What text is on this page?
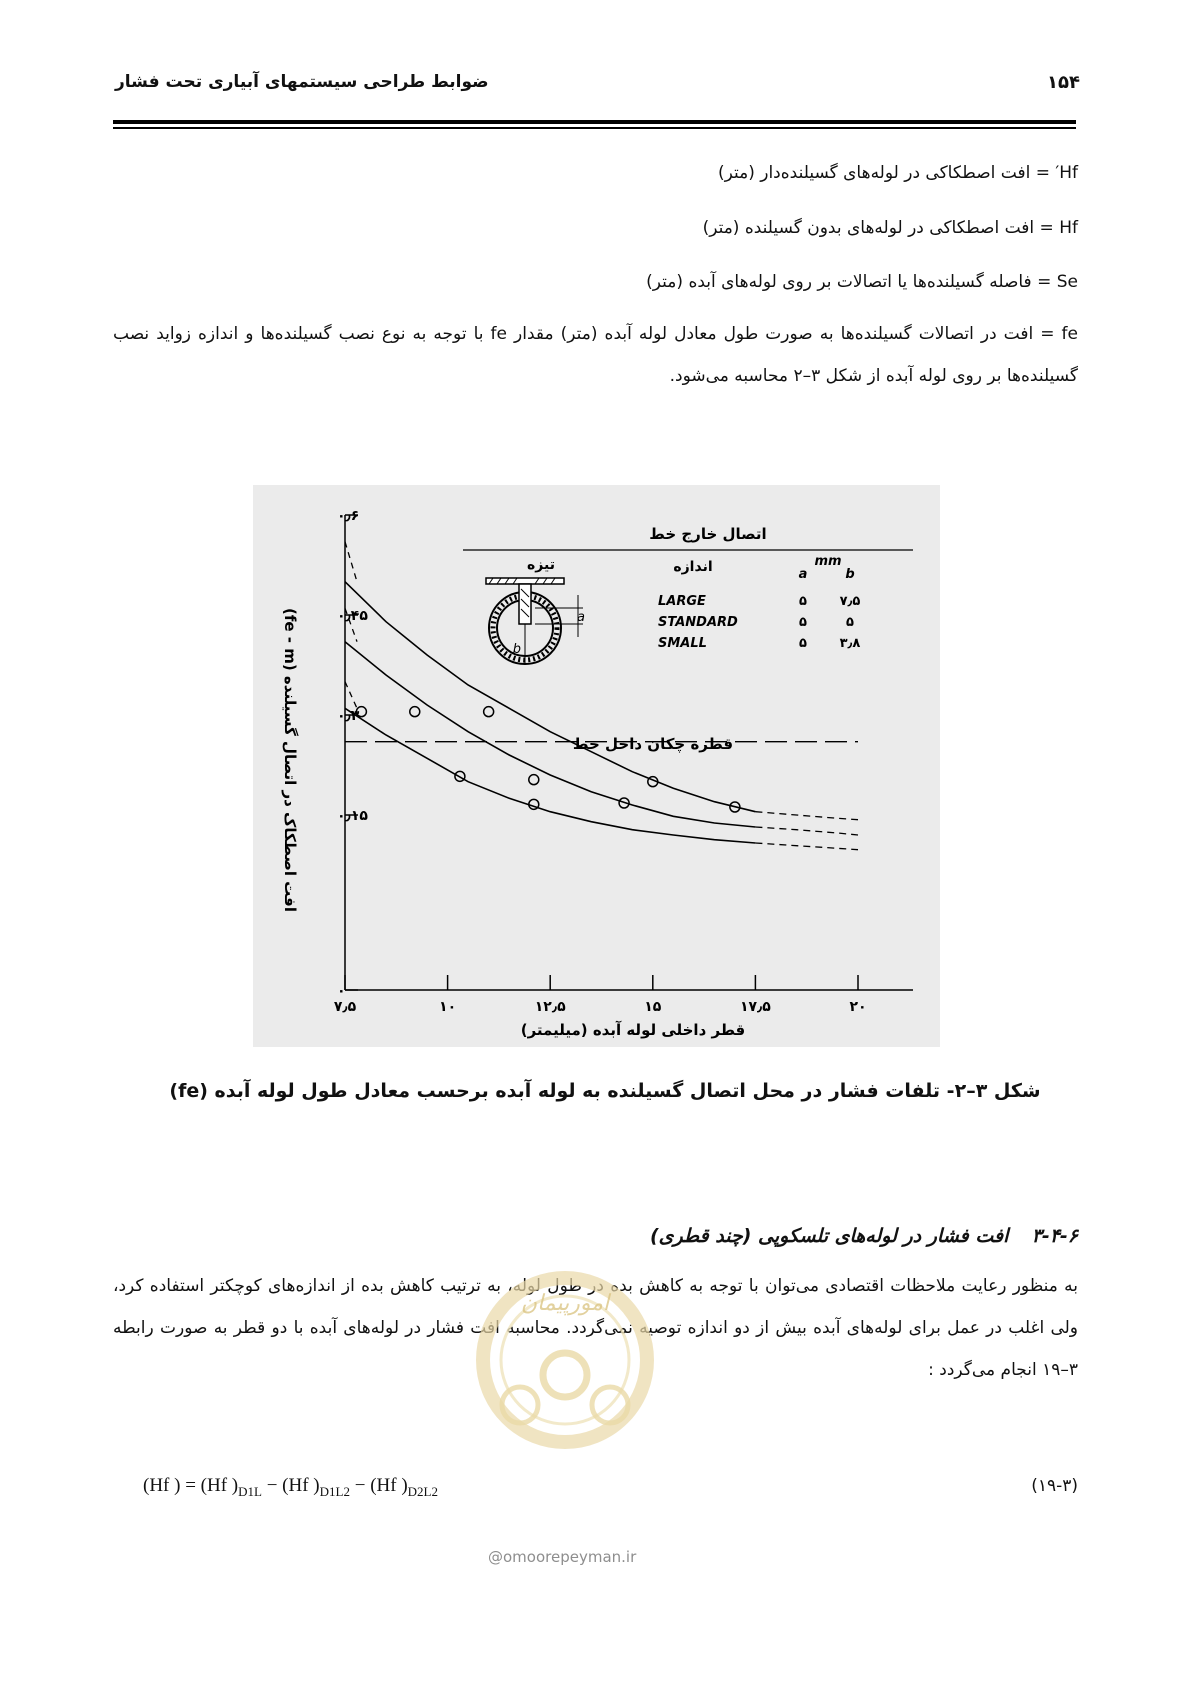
۱۵۴
ضوابط طراحی سیستمهای آبیاری تحت فشار
Hf′ = افت اصطکاکی در لوله‌های گسیلنده‌دار (متر)
Hf = افت اصطکاکی در لوله‌های بدون گسیلنده (متر)
Se = فاصله گسیلنده‌ها یا اتصالات بر روی لوله‌های آبده (متر)
fe = افت در اتصالات گسیلنده‌ها به صورت طول معادل لوله آبده (متر) مقدار fe با توجه به نوع نصب گسیلنده‌ها و اندازه زوايد نصب گسیلنده‌ها بر روی لوله آبده از شکل ۳–۲ محاسبه می‌شود.
۷٫۵	۱۰	۱۲٫۵	۱۵	۱۷٫۵	۲۰
۰
۰٫۱۵
۰٫۳
۰٫۴۵
۰٫۶
اتصال خارج خط
تیزه	اندازه	mm
a	b
LARGE	۵	۷٫۵
STANDARD	۵	۵
SMALL	۵	۳٫۸
a
b
قطره چکان داخل خط
افت اصطکاک در اتصال گسیلنده (fe - m)
قطر داخلی لوله آبده (میلیمتر)
شکل ۳–۲- تلفات فشار در محل اتصال گسیلنده به لوله آبده برحسب معادل طول لوله آبده (fe)
۳-۴-۶  افت فشار در لوله‌های تلسکوپی (چند قطری)
به منظور رعایت ملاحظات اقتصادی می‌توان با توجه به کاهش بده در طول لوله، به ترتیب کاهش بده از اندازه‌های کوچکتر استفاده کرد، ولی اغلب در عمل برای لوله‌های آبده بیش از دو اندازه توصیه نمی‌گردد. محاسبه افت فشار در لوله‌های آبده با دو قطر به صورت رابطه ۳–۱۹ انجام می‌گردد :
امورپیمان
(Hf ) = (Hf )$_{D1L} - (Hf$ )$_{D1L2} - (Hf$ )$_{D2L2}$	(۱۹-۳)
@omoorepeyman.ir
